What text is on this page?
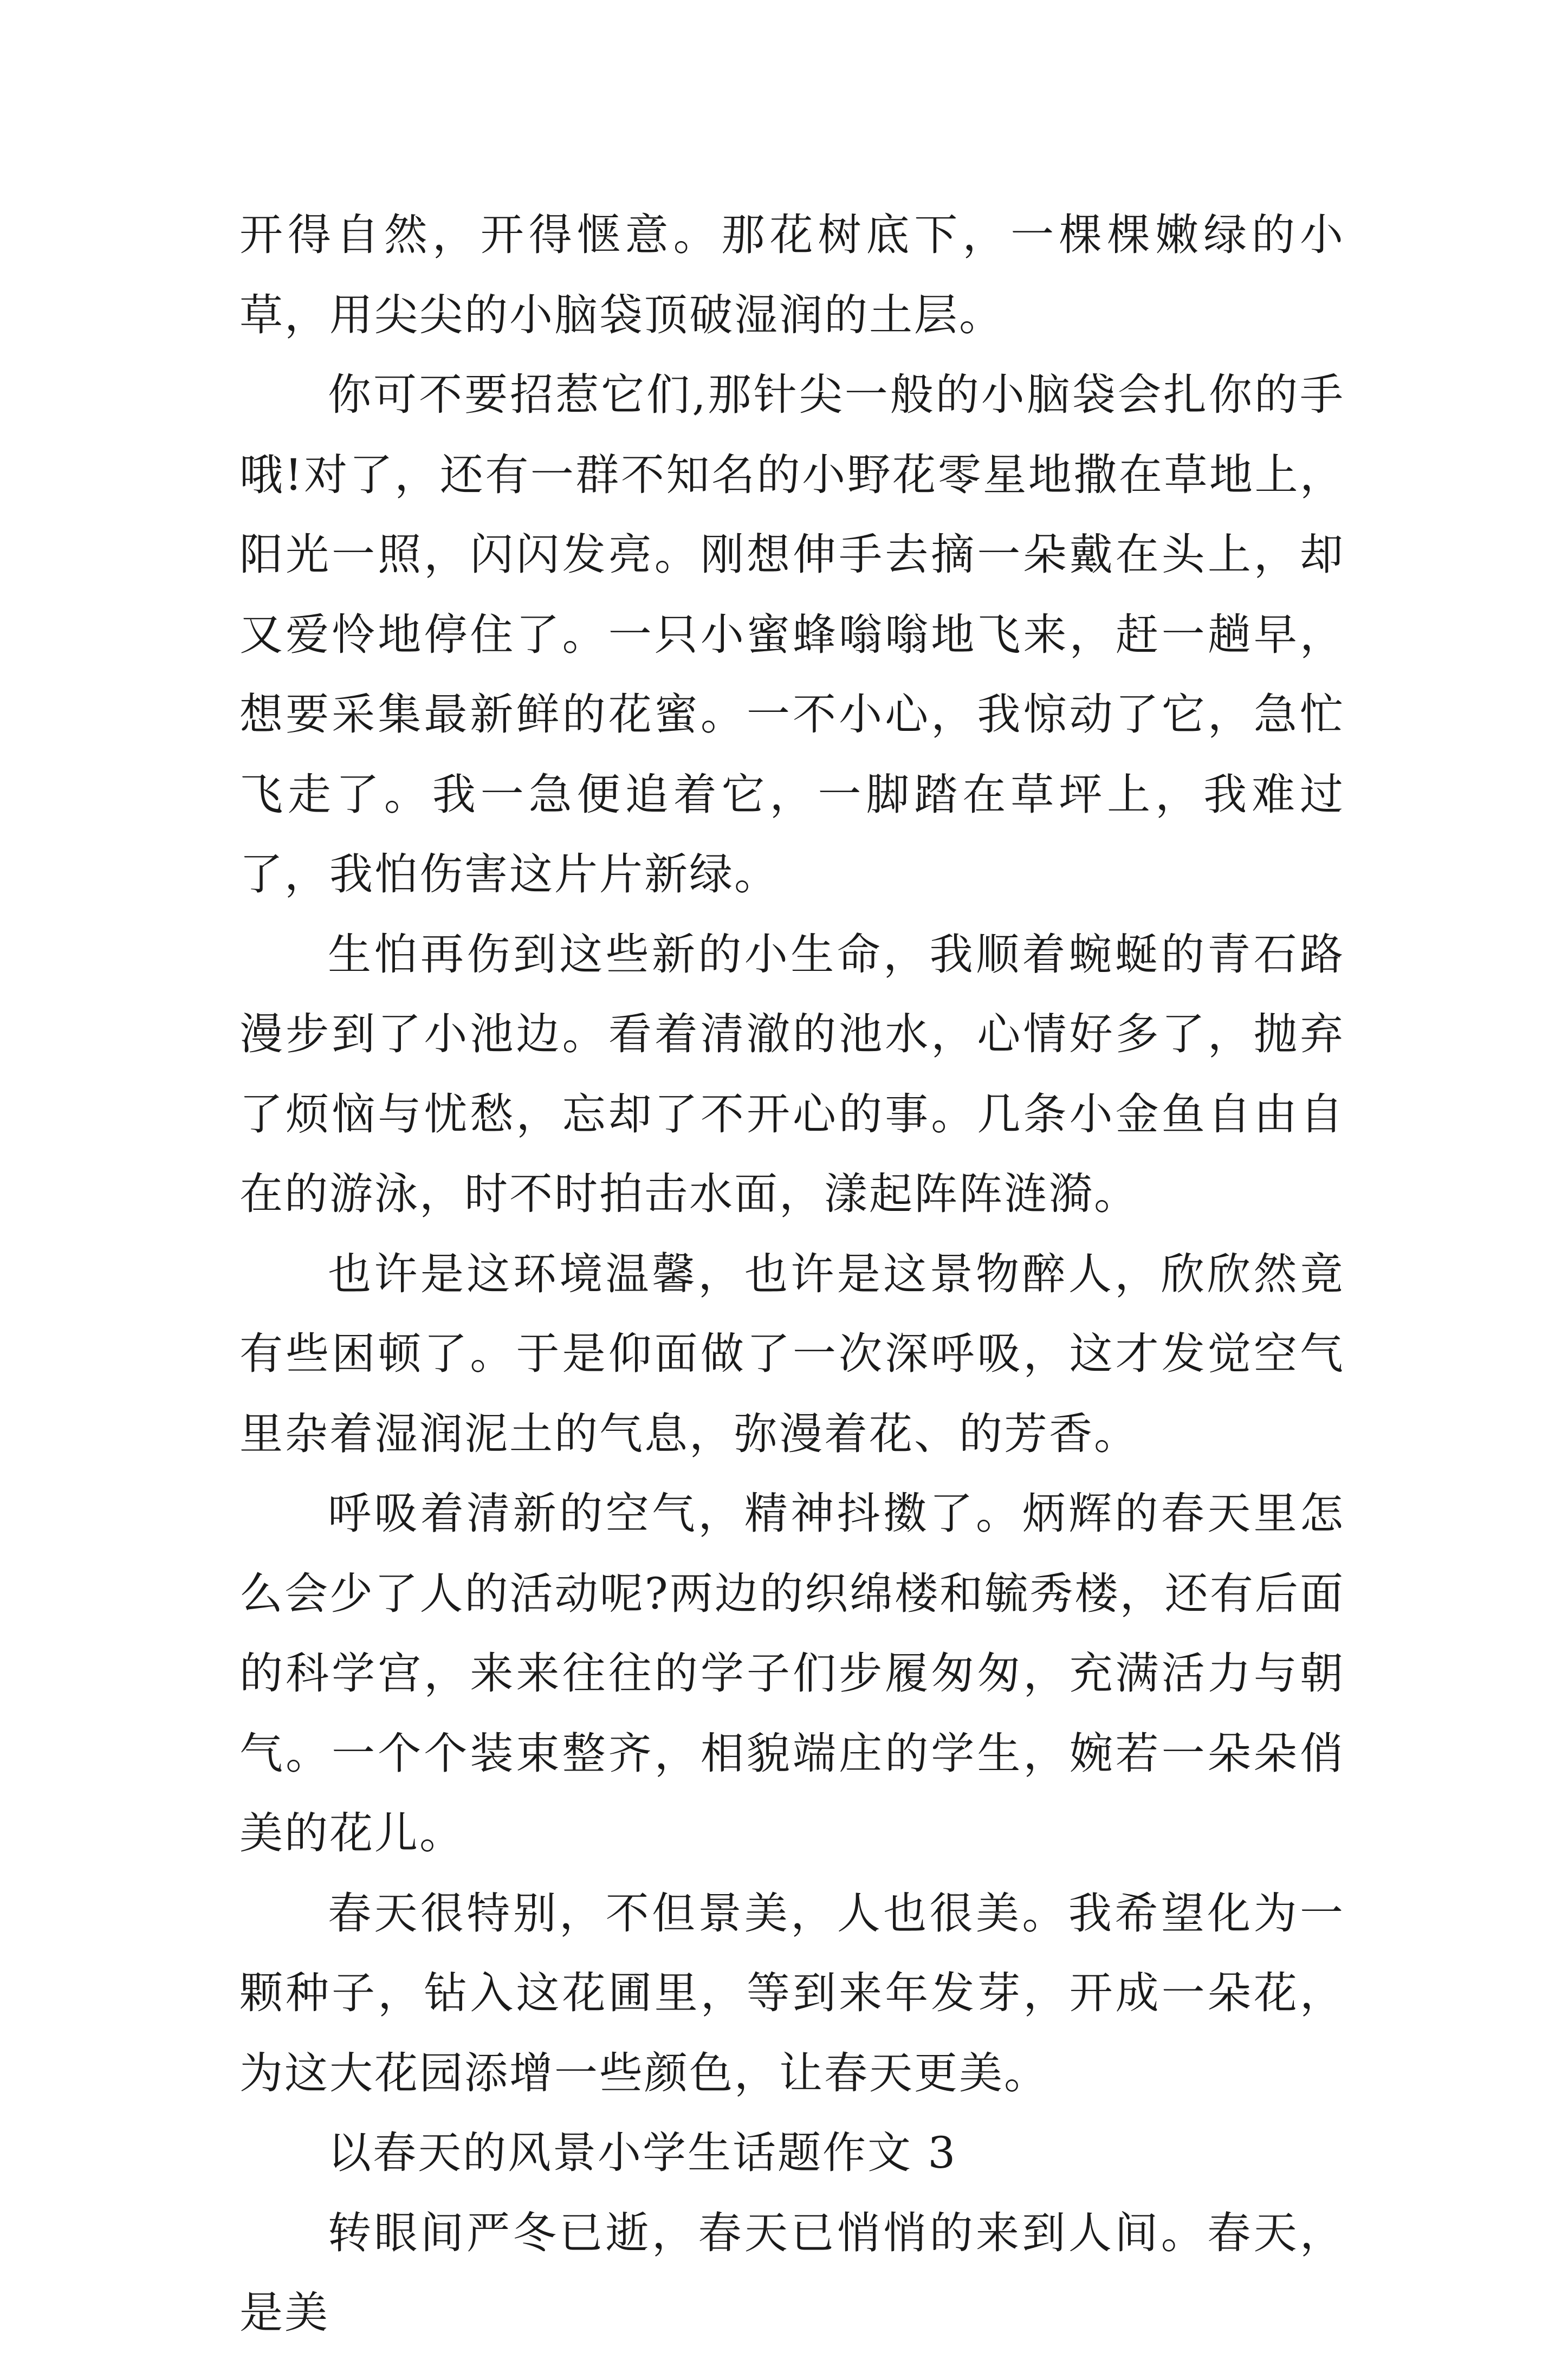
开得自然，开得惬意。那花树底下，一棵棵嫩绿的小草，用尖尖的小脑袋顶破湿润的土层。

你可不要招惹它们,那针尖一般的小脑袋会扎你的手哦!对了，还有一群不知名的小野花零星地撒在草地上，阳光一照，闪闪发亮。刚想伸手去摘一朵戴在头上，却又爱怜地停住了。一只小蜜蜂嗡嗡地飞来，赶一趟早，想要采集最新鲜的花蜜。一不小心，我惊动了它，急忙飞走了。我一急便追着它，一脚踏在草坪上，我难过了，我怕伤害这片片新绿。

生怕再伤到这些新的小生命，我顺着蜿蜒的青石路漫步到了小池边。看着清澈的池水，心情好多了，抛弃了烦恼与忧愁，忘却了不开心的事。几条小金鱼自由自在的游泳，时不时拍击水面，漾起阵阵涟漪。

也许是这环境温馨，也许是这景物醉人，欣欣然竟有些困顿了。于是仰面做了一次深呼吸，这才发觉空气里杂着湿润泥土的气息，弥漫着花、的芳香。

呼吸着清新的空气，精神抖擞了。炳辉的春天里怎么会少了人的活动呢?两边的织绵楼和毓秀楼，还有后面的科学宫，来来往往的学子们步履匆匆，充满活力与朝气。一个个装束整齐，相貌端庄的学生，婉若一朵朵俏美的花儿。

春天很特别，不但景美，人也很美。我希望化为一颗种子，钻入这花圃里，等到来年发芽，开成一朵花，为这大花园添增一些颜色，让春天更美。

以春天的风景小学生话题作文 3

转眼间严冬已逝，春天已悄悄的来到人间。春天，是美
